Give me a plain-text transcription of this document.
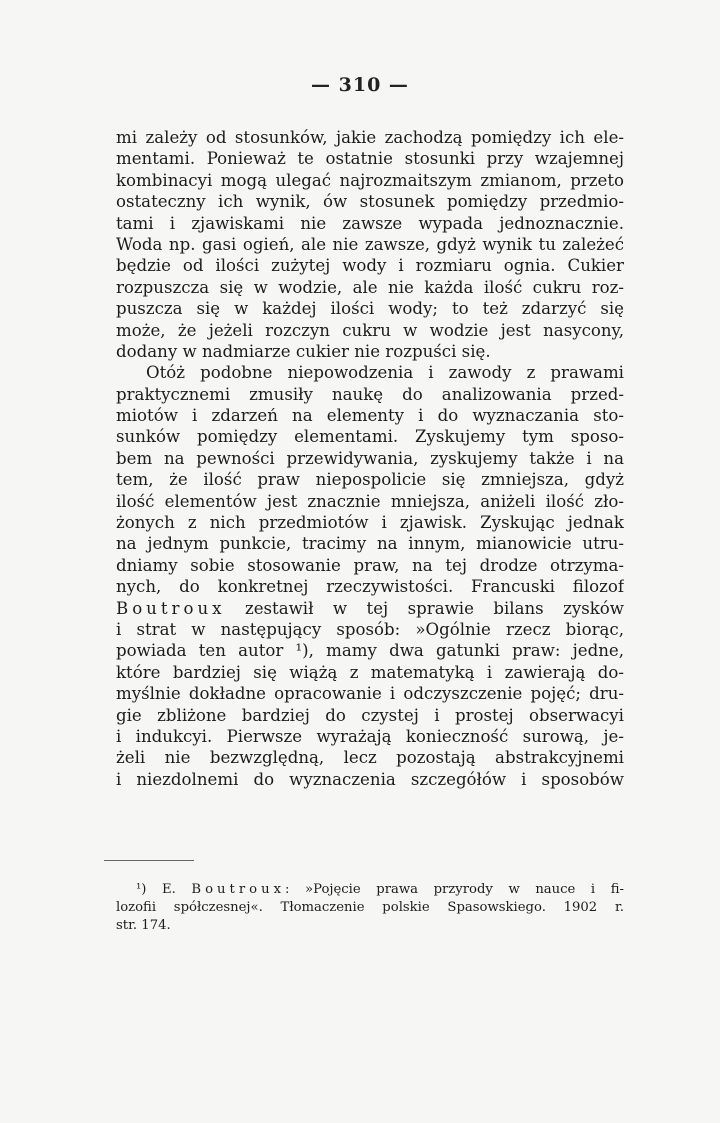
— 310 —
mi zależy od stosunków, jakie zachodzą pomiędzy ich ele-
mentami. Ponieważ te ostatnie stosunki przy wzajemnej
kombinacyi mogą ulegać najrozmaitszym zmianom, przeto
ostateczny ich wynik, ów stosunek pomiędzy przedmio-
tami i zjawiskami nie zawsze wypada jednoznacznie.
Woda np. gasi ogień, ale nie zawsze, gdyż wynik tu zależeć
będzie od ilości zużytej wody i rozmiaru ognia. Cukier
rozpuszcza się w wodzie, ale nie każda ilość cukru roz-
puszcza się w każdej ilości wody; to też zdarzyć się
może, że jeżeli rozczyn cukru w wodzie jest nasycony,
dodany w nadmiarze cukier nie rozpuści się.
Otóż podobne niepowodzenia i zawody z prawami
praktycznemi zmusiły naukę do analizowania przed-
miotów i zdarzeń na elementy i do wyznaczania sto-
sunków pomiędzy elementami. Zyskujemy tym sposo-
bem na pewności przewidywania, zyskujemy także i na
tem, że ilość praw niepospolicie się zmniejsza, gdyż
ilość elementów jest znacznie mniejsza, aniżeli ilość zło-
żonych z nich przedmiotów i zjawisk. Zyskując jednak
na jednym punkcie, tracimy na innym, mianowicie utru-
dniamy sobie stosowanie praw, na tej drodze otrzyma-
nych, do konkretnej rzeczywistości. Francuski filozof
Boutroux zestawił w tej sprawie bilans zysków
i strat w następujący sposób: »Ogólnie rzecz biorąc,
powiada ten autor ¹), mamy dwa gatunki praw: jedne,
które bardziej się wiążą z matematyką i zawierają do-
myślnie dokładne opracowanie i odczyszczenie pojęć; dru-
gie zbliżone bardziej do czystej i prostej obserwacyi
i indukcyi. Pierwsze wyrażają konieczność surową, je-
żeli nie bezwzględną, lecz pozostają abstrakcyjnemi
i niezdolnemi do wyznaczenia szczegółów i sposobów
¹) E. Boutroux: »Pojęcie prawa przyrody w nauce i fi-
lozofii spółczesnej«. Tłomaczenie polskie Spasowskiego. 1902 r.
str. 174.
